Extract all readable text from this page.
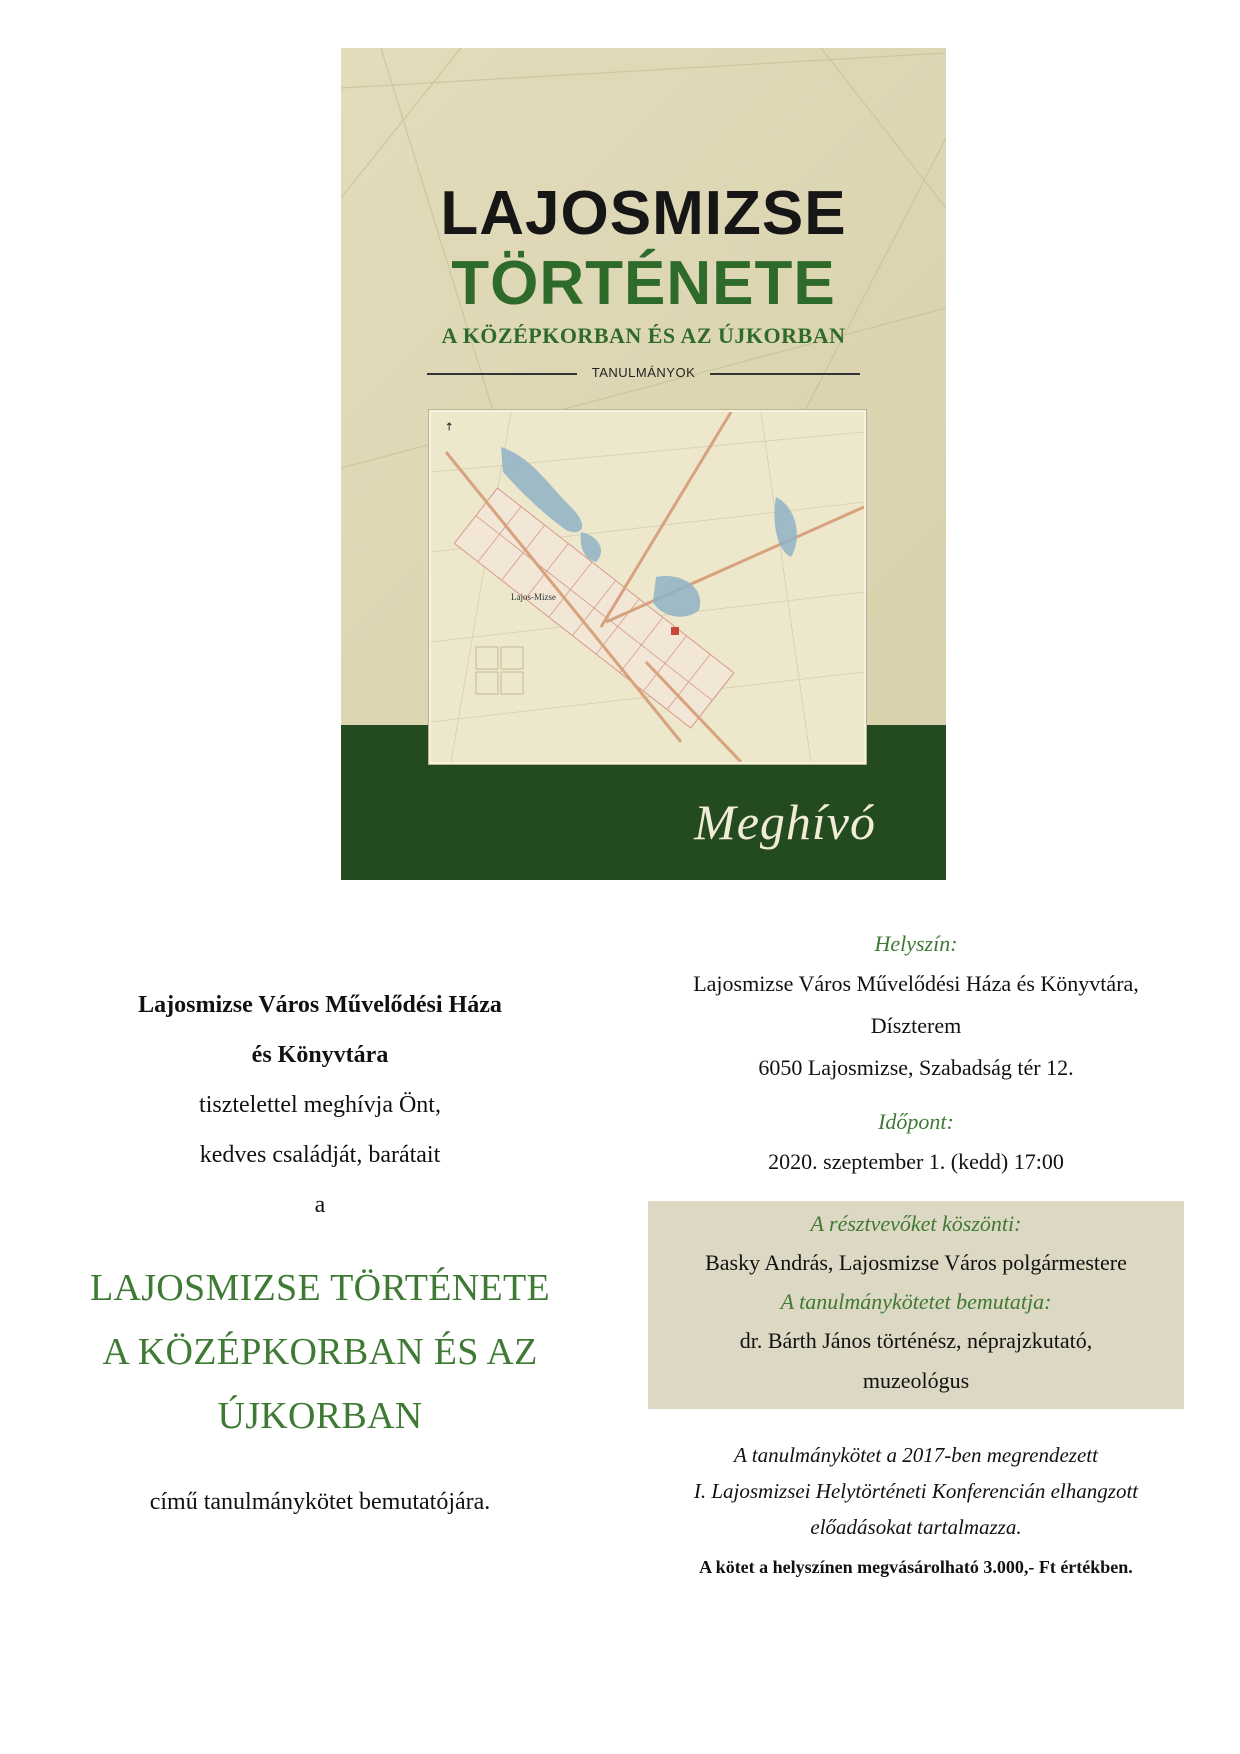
LAJOSMIZSE
TÖRTÉNETE
A KÖZÉPKORBAN ÉS AZ ÚJKORBAN
TANULMÁNYOK
Lajos-Mizse
⇡
Meghívó
Lajosmizse Város Művelődési Háza
és Könyvtára
tisztelettel meghívja Önt,
kedves családját, barátait
a
LAJOSMIZSE TÖRTÉNETE
A KÖZÉPKORBAN ÉS AZ
ÚJKORBAN
című tanulmánykötet bemutatójára.
Helyszín:
Lajosmizse Város Művelődési Háza és Könyvtára,
Díszterem
6050 Lajosmizse, Szabadság tér 12.
Időpont:
2020. szeptember 1. (kedd) 17:00
A résztvevőket köszönti:
Basky András, Lajosmizse Város polgármestere
A tanulmánykötetet bemutatja:
dr. Bárth János történész, néprajzkutató,
muzeológus
A tanulmánykötet a 2017-ben megrendezett
I. Lajosmizsei Helytörténeti Konferencián elhangzott
előadásokat tartalmazza.
A kötet a helyszínen megvásárolható 3.000,- Ft értékben.
